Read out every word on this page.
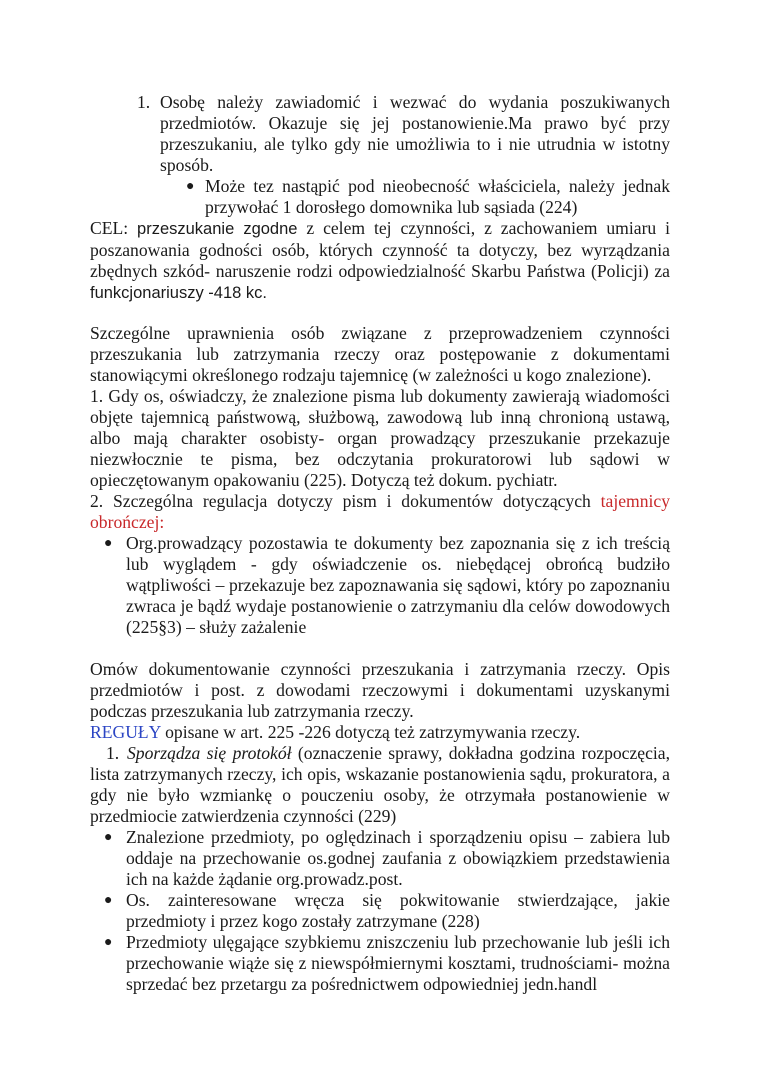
1. Osobę należy zawiadomić i wezwać do wydania poszukiwanych przedmiotów. Okazuje się jej postanowienie.Ma prawo być przy przeszukaniu, ale tylko gdy nie umożliwia to i nie utrudnia w istotny sposób.

● Może tez nastąpić pod nieobecność właściciela, należy jednak przywołać 1 dorosłego domownika lub sąsiada (224)

CEL: przeszukanie zgodne z celem tej czynności, z zachowaniem umiaru i poszanowania godności osób, których czynność ta dotyczy, bez wyrządzania zbędnych szkód- naruszenie rodzi odpowiedzialność Skarbu Państwa (Policji) za funkcjonariuszy -418 kc.

Szczególne uprawnienia osób związane z przeprowadzeniem czynności przeszukania lub zatrzymania rzeczy oraz postępowanie z dokumentami stanowiącymi określonego rodzaju tajemnicę (w zależności u kogo znalezione).

1. Gdy os, oświadczy, że znalezione pisma lub dokumenty zawierają wiadomości objęte tajemnicą państwową, służbową, zawodową lub inną chronioną ustawą, albo mają charakter osobisty- organ prowadzący przeszukanie przekazuje niezwłocznie te pisma, bez odczytania prokuratorowi lub sądowi w opieczętowanym opakowaniu (225). Dotyczą też dokum. pychiatr.

2. Szczególna regulacja dotyczy pism i dokumentów dotyczących tajemnicy obrończej:

● Org.prowadzący pozostawia te dokumenty bez zapoznania się z ich treścią lub wyglądem - gdy oświadczenie os. niebędącej obrońcą budziło wątpliwości – przekazuje bez zapoznawania się sądowi, który po zapoznaniu zwraca je bądź wydaje postanowienie o zatrzymaniu dla celów dowodowych (225§3) – służy zażalenie

Omów dokumentowanie czynności przeszukania i zatrzymania rzeczy. Opis przedmiotów i post. z dowodami rzeczowymi i dokumentami uzyskanymi podczas przeszukania lub zatrzymania rzeczy.

REGUŁY opisane w art. 225 -226 dotyczą też zatrzymywania rzeczy.

1. Sporządza się protokół (oznaczenie sprawy, dokładna godzina rozpoczęcia, lista zatrzymanych rzeczy, ich opis, wskazanie postanowienia sądu, prokuratora, a gdy nie było wzmiankę o pouczeniu osoby, że otrzymała postanowienie w przedmiocie zatwierdzenia czynności (229)

● Znalezione przedmioty, po oględzinach i sporządzeniu opisu – zabiera lub oddaje na przechowanie os.godnej zaufania z obowiązkiem przedstawienia ich na każde żądanie org.prowadz.post.

● Os. zainteresowane wręcza się pokwitowanie stwierdzające, jakie przedmioty i przez kogo zostały zatrzymane (228)

● Przedmioty ulęgające szybkiemu zniszczeniu lub przechowanie lub jeśli ich przechowanie wiąże się z niewspółmiernymi kosztami, trudnościami- można sprzedać bez przetargu za pośrednictwem odpowiedniej jedn.handl
